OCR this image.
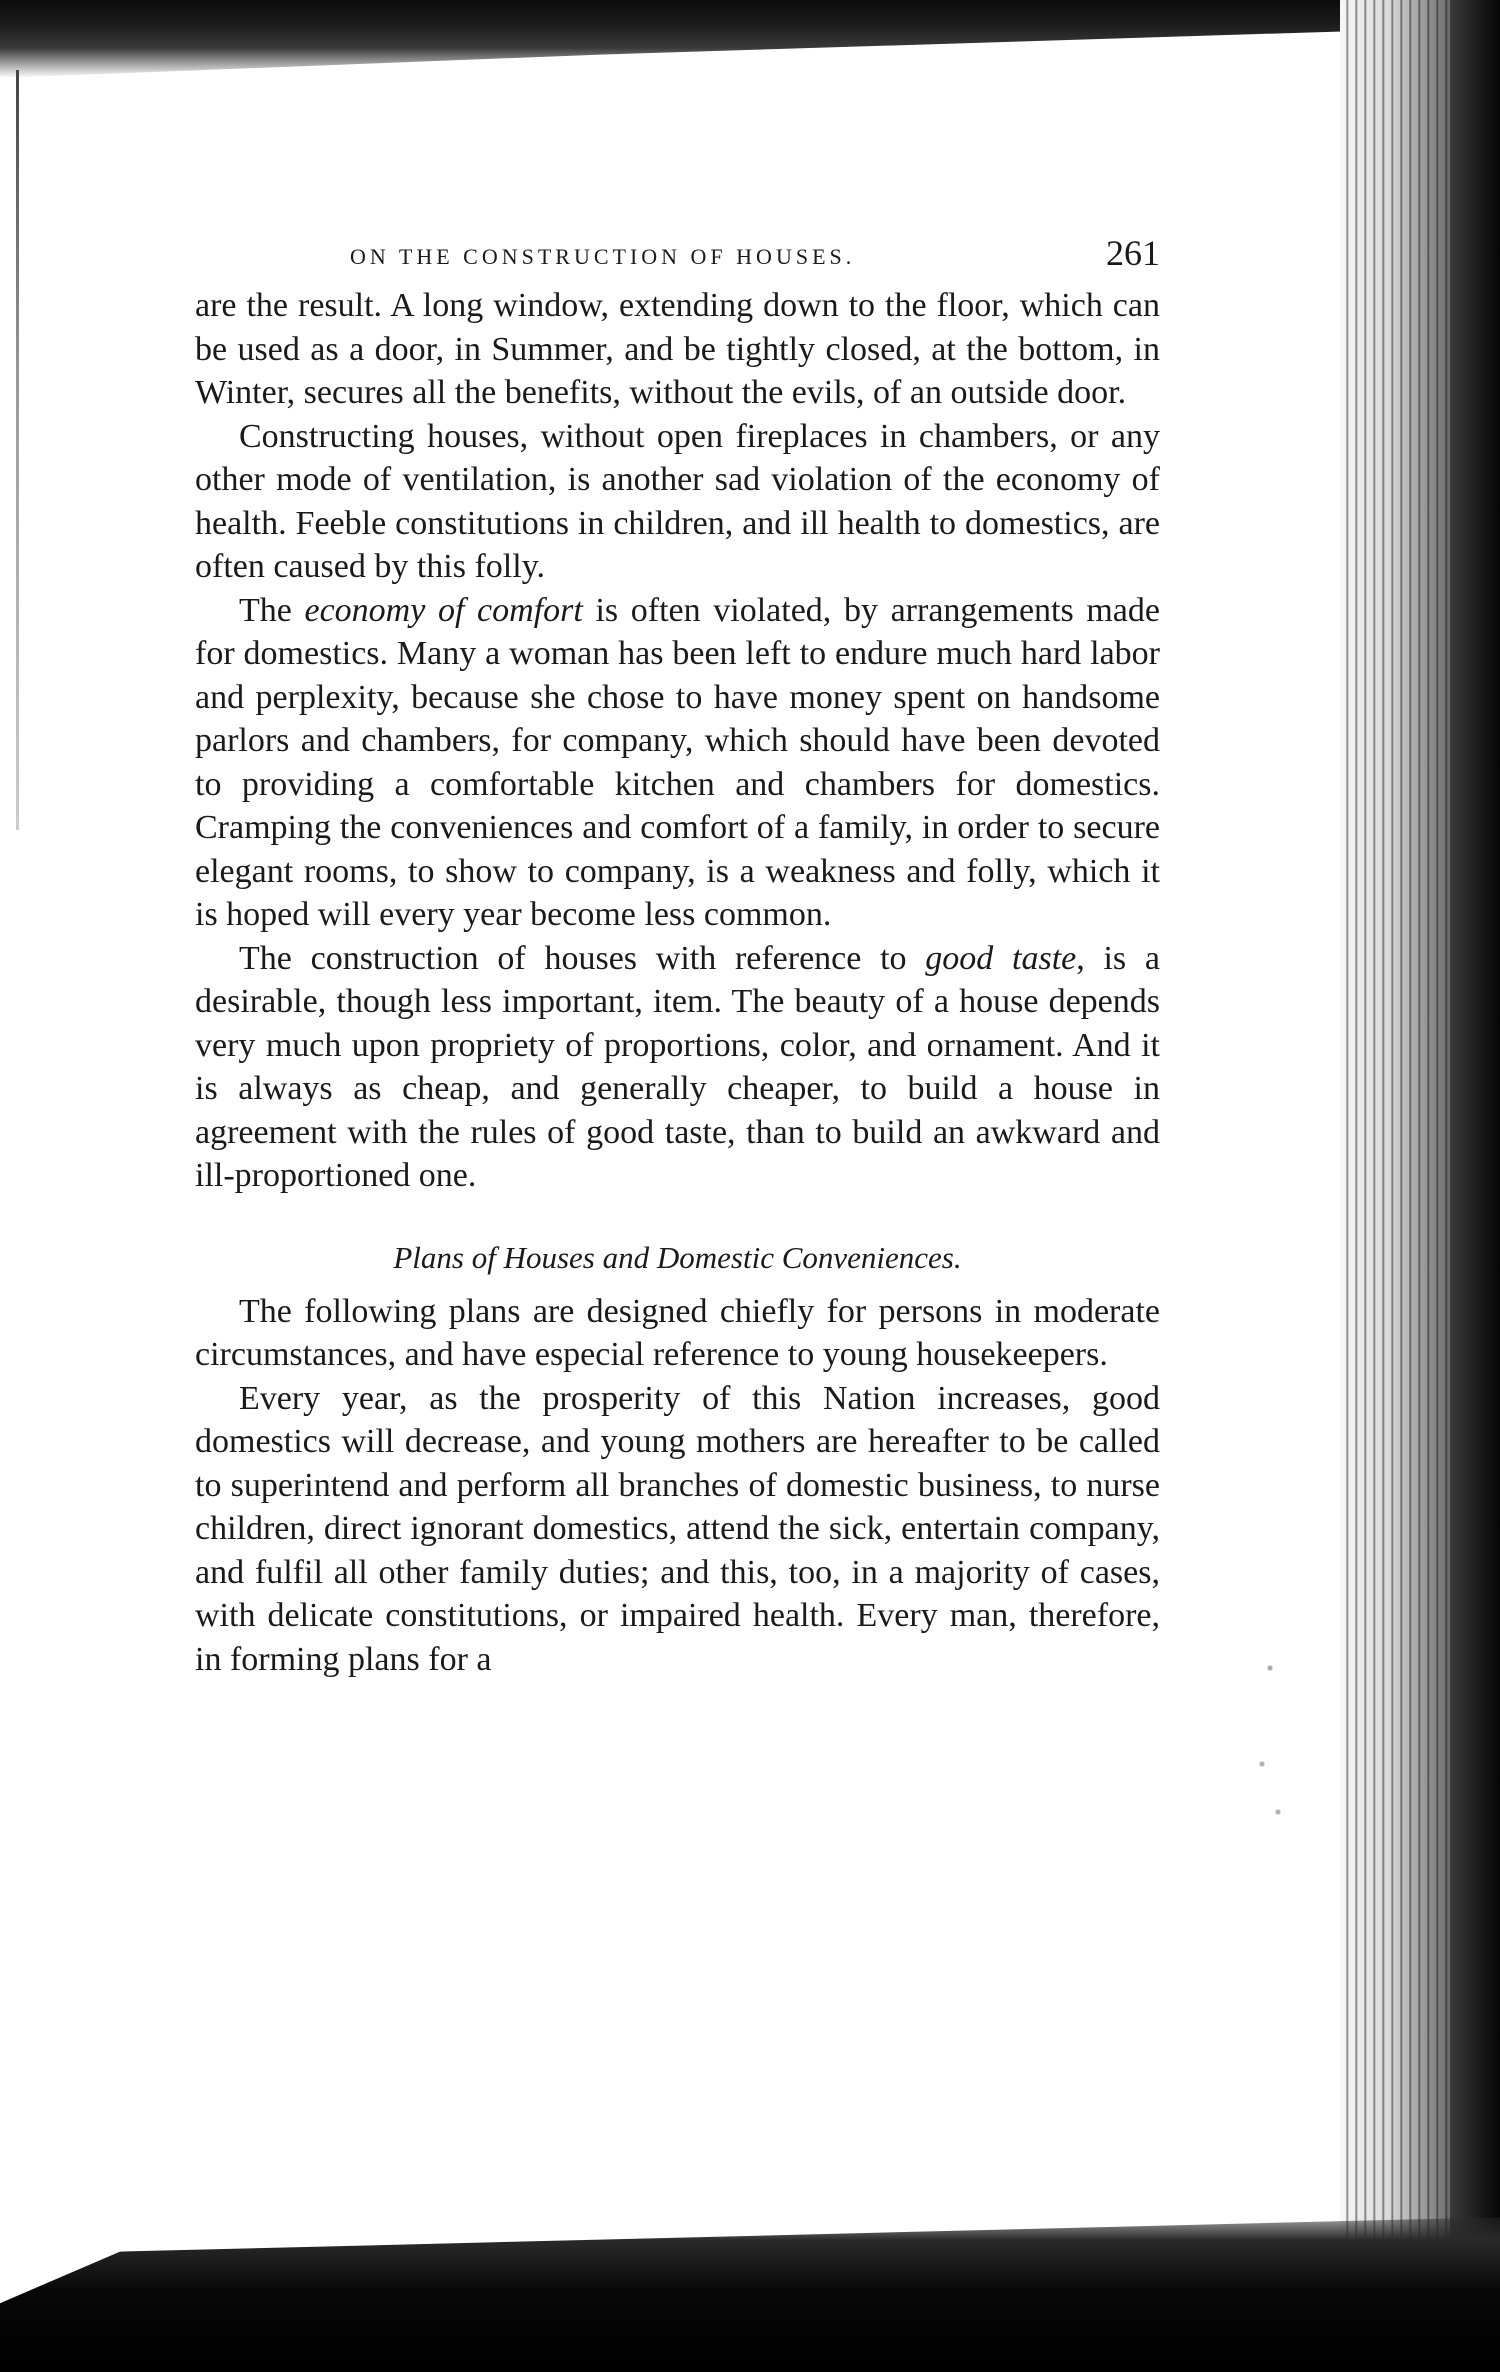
ON THE CONSTRUCTION OF HOUSES.	261

are the result. A long window, extending down to the floor, which can be used as a door, in Summer, and be tightly closed, at the bottom, in Winter, secures all the benefits, without the evils, of an outside door.

Constructing houses, without open fireplaces in chambers, or any other mode of ventilation, is another sad violation of the economy of health. Feeble constitutions in children, and ill health to domestics, are often caused by this folly.

The economy of comfort is often violated, by arrangements made for domestics. Many a woman has been left to endure much hard labor and perplexity, because she chose to have money spent on handsome parlors and chambers, for company, which should have been devoted to providing a comfortable kitchen and chambers for domestics. Cramping the conveniences and comfort of a family, in order to secure elegant rooms, to show to company, is a weakness and folly, which it is hoped will every year become less common.

The construction of houses with reference to good taste, is a desirable, though less important, item. The beauty of a house depends very much upon propriety of proportions, color, and ornament. And it is always as cheap, and generally cheaper, to build a house in agreement with the rules of good taste, than to build an awkward and ill-proportioned one.

Plans of Houses and Domestic Conveniences.

The following plans are designed chiefly for persons in moderate circumstances, and have especial reference to young housekeepers.

Every year, as the prosperity of this Nation increases, good domestics will decrease, and young mothers are hereafter to be called to superintend and perform all branches of domestic business, to nurse children, direct ignorant domestics, attend the sick, entertain company, and fulfil all other family duties; and this, too, in a majority of cases, with delicate constitutions, or impaired health. Every man, therefore, in forming plans for a
